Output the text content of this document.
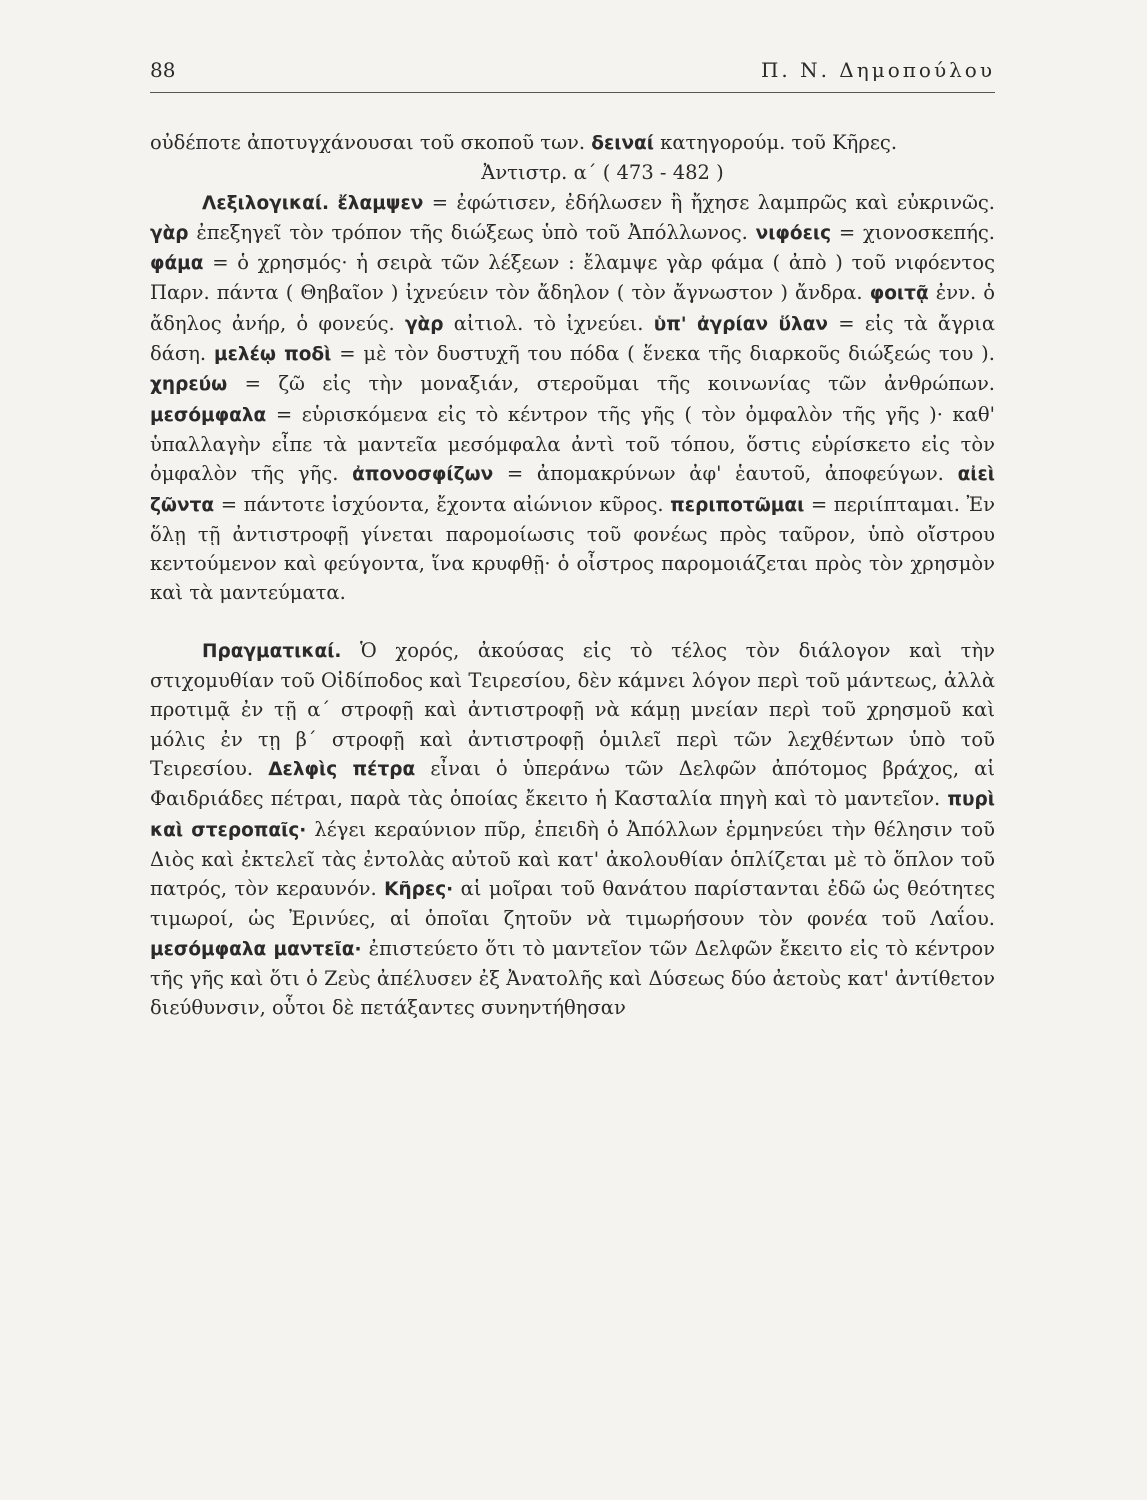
88	Π. Ν. Δημοπούλου

οὐδέποτε ἀποτυγχάνουσαι τοῦ σκοποῦ των. δειναί κατηγορούμ. τοῦ Κῆρες.

Ἀντιστρ. α΄ ( 473 - 482 )

Λεξιλογικαί. ἔλαμψεν = ἐφώτισεν, ἐδήλωσεν ἢ ἤχησε λαμπρῶς καὶ εὐκρινῶς. γὰρ ἐπεξηγεῖ τὸν τρόπον τῆς διώξεως ὑπὸ τοῦ Ἀπόλλωνος. νιφόεις = χιονοσκεπής. φάμα = ὁ χρησμός· ἡ σειρὰ τῶν λέξεων : ἔλαμψε γὰρ φάμα ( ἀπὸ ) τοῦ νιφόεντος Παρν. πάντα ( Θηβαῖον ) ἰχνεύειν τὸν ἄδηλον ( τὸν ἄγνωστον ) ἄνδρα. φοιτᾷ ἐνν. ὁ ἄδηλος ἀνήρ, ὁ φονεύς. γὰρ αἰτιολ. τὸ ἰχνεύει. ὑπ' ἀγρίαν ὕλαν = εἰς τὰ ἄγρια δάση. μελέῳ ποδὶ = μὲ τὸν δυστυχῆ του πόδα ( ἕνεκα τῆς διαρκοῦς διώξεώς του ). χηρεύω = ζῶ εἰς τὴν μοναξιάν, στεροῦμαι τῆς κοινωνίας τῶν ἀνθρώπων. μεσόμφαλα = εὑρισκόμενα εἰς τὸ κέντρον τῆς γῆς ( τὸν ὀμφαλὸν τῆς γῆς )· καθ' ὑπαλλαγὴν εἶπε τὰ μαντεῖα μεσόμφαλα ἀντὶ τοῦ τόπου, ὅστις εὑρίσκετο εἰς τὸν ὀμφαλὸν τῆς γῆς. ἀπονοσφίζων = ἀπομακρύνων ἀφ' ἑαυτοῦ, ἀποφεύγων. αἰεὶ ζῶντα = πάντοτε ἰσχύοντα, ἔχοντα αἰώνιον κῦρος. περιποτῶμαι = περιίπταμαι. Ἐν ὅλῃ τῇ ἀντιστροφῇ γίνεται παρομοίωσις τοῦ φονέως πρὸς ταῦρον, ὑπὸ οἴστρου κεντούμενον καὶ φεύγοντα, ἵνα κρυφθῇ· ὁ οἶστρος παρομοιάζεται πρὸς τὸν χρησμὸν καὶ τὰ μαντεύματα.

Πραγματικαί. Ὁ χορός, ἀκούσας εἰς τὸ τέλος τὸν διάλογον καὶ τὴν στιχομυθίαν τοῦ Οἰδίποδος καὶ Τειρεσίου, δὲν κάμνει λόγον περὶ τοῦ μάντεως, ἀλλὰ προτιμᾷ ἐν τῇ α΄ στροφῇ καὶ ἀντιστροφῇ νὰ κάμῃ μνείαν περὶ τοῦ χρησμοῦ καὶ μόλις ἐν τῃ β΄ στροφῇ καὶ ἀντιστροφῇ ὁμιλεῖ περὶ τῶν λεχθέντων ὑπὸ τοῦ Τειρεσίου. Δελφὶς πέτρα εἶναι ὁ ὑπεράνω τῶν Δελφῶν ἀπότομος βράχος, αἱ Φαιδριάδες πέτραι, παρὰ τὰς ὁποίας ἔκειτο ἡ Κασταλία πηγὴ καὶ τὸ μαντεῖον. πυρὶ καὶ στεροπαῖς· λέγει κεραύνιον πῦρ, ἐπειδὴ ὁ Ἀπόλλων ἑρμηνεύει τὴν θέλησιν τοῦ Διὸς καὶ ἐκτελεῖ τὰς ἐντολὰς αὐτοῦ καὶ κατ' ἀκολουθίαν ὁπλίζεται μὲ τὸ ὅπλον τοῦ πατρός, τὸν κεραυνόν. Κῆρες· αἱ μοῖραι τοῦ θανάτου παρίστανται ἐδῶ ὡς θεότητες τιμωροί, ὡς Ἐρινύες, αἱ ὁποῖαι ζητοῦν νὰ τιμωρήσουν τὸν φονέα τοῦ Λαΐου. μεσόμφαλα μαντεῖα· ἐπιστεύετο ὅτι τὸ μαντεῖον τῶν Δελφῶν ἔκειτο εἰς τὸ κέντρον τῆς γῆς καὶ ὅτι ὁ Ζεὺς ἀπέλυσεν ἐξ Ἀνατολῆς καὶ Δύσεως δύο ἀετοὺς κατ' ἀντίθετον διεύθυνσιν, οὗτοι δὲ πετάξαντες συνηντήθησαν
